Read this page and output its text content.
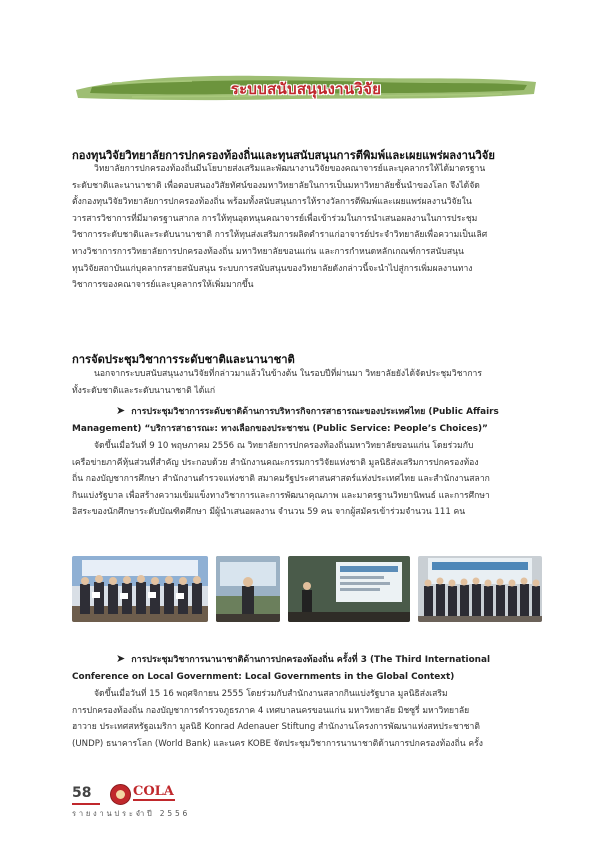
ระบบสนับสนุนงานวิจัย
กองทุนวิจัยวิทยาลัยการปกครองท้องถิ่นและทุนสนับสนุนการตีพิมพ์และเผยแพร่ผลงานวิจัย
วิทยาลัยการปกครองท้องถิ่นมีนโยบายส่งเสริมและพัฒนางานวิจัยของคณาจารย์และบุคลากรให้ได้มาตรฐาน
ระดับชาติและนานาชาติ เพื่อตอบสนองวิสัยทัศน์ของมหาวิทยาลัยในการเป็นมหาวิทยาลัยชั้นนำของโลก จึงได้จัด
ตั้งกองทุนวิจัยวิทยาลัยการปกครองท้องถิ่น พร้อมทั้งสนับสนุนการให้รางวัลการตีพิมพ์และเผยแพร่ผลงานวิจัยใน
วารสารวิชาการที่มีมาตรฐานสากล การให้ทุนอุดหนุนคณาจารย์เพื่อเข้าร่วมในการนำเสนอผลงานในการประชุม
วิชาการระดับชาติและระดับนานาชาติ การให้ทุนส่งเสริมการผลิตตำราแก่อาจารย์ประจำวิทยาลัยเพื่อความเป็นเลิศ
ทางวิชาการการวิทยาลัยการปกครองท้องถิ่น มหาวิทยาลัยขอนแก่น และการกำหนดหลักเกณฑ์การสนับสนุน
ทุนวิจัยสถาบันแก่บุคลากรสายสนับสนุน ระบบการสนับสนุนของวิทยาลัยดังกล่าวนี้จะนำไปสู่การเพิ่มผลงานทาง
วิชาการของคณาจารย์และบุคลากรให้เพิ่มมากขึ้น
การจัดประชุมวิชาการระดับชาติและนานาชาติ
นอกจากระบบสนับสนุนงานวิจัยที่กล่าวมาแล้วในข้างต้น ในรอบปีที่ผ่านมา วิทยาลัยยังได้จัดประชุมวิชาการ
ทั้งระดับชาติและระดับนานาชาติ ได้แก่
➤ การประชุมวิชาการระดับชาติด้านการบริหารกิจการสาธารณะของประเทศไทย (Public Affairs
Management) “บริการสาธารณะ: ทางเลือกของประชาชน (Public Service: People’s Choices)”
จัดขึ้นเมื่อวันที่ 9 10 พฤษภาคม 2556 ณ วิทยาลัยการปกครองท้องถิ่นมหาวิทยาลัยขอนแก่น โดยร่วมกับ
เครือข่ายภาคีหุ้นส่วนที่สำคัญ ประกอบด้วย สำนักงานคณะกรรมการวิจัยแห่งชาติ มูลนิธิส่งเสริมการปกครองท้อง
ถิ่น กองบัญชาการศึกษา สำนักงานตำรวจแห่งชาติ สมาคมรัฐประศาสนศาสตร์แห่งประเทศไทย และสำนักงานสลาก
กินแบ่งรัฐบาล เพื่อสร้างความเข้มแข็งทางวิชาการและการพัฒนาคุณภาพ และมาตรฐานวิทยานิพนธ์ และการศึกษา
อิสระของนักศึกษาระดับบัณฑิตศึกษา มีผู้นำเสนอผลงาน จำนวน 59 คน จากผู้สมัครเข้าร่วมจำนวน 111 คน
➤ การประชุมวิชาการนานาชาติด้านการปกครองท้องถิ่น ครั้งที่ 3 (The Third International
Conference on Local Government: Local Governments in the Global Context)
จัดขึ้นเมื่อวันที่ 15 16 พฤศจิกายน 2555 โดยร่วมกับสำนักงานสลากกินแบ่งรัฐบาล มูลนิธิส่งเสริม
การปกครองท้องถิ่น กองบัญชาการตำรวจภูธรภาค 4 เทศบาลนครขอนแก่น มหาวิทยาลัย มิชซูรี่ มหาวิทยาลัย
ฮาวาย ประเทศสหรัฐอเมริกา มูลนิธิ Konrad Adenauer Stiftung สำนักงานโครงการพัฒนาแห่งสหประชาชาติ
(UNDP) ธนาคารโลก (World Bank) และนคร KOBE จัดประชุมวิชาการนานาชาติด้านการปกครองท้องถิ่น ครั้ง
58	COLA
รายงานประจำปี 2556
